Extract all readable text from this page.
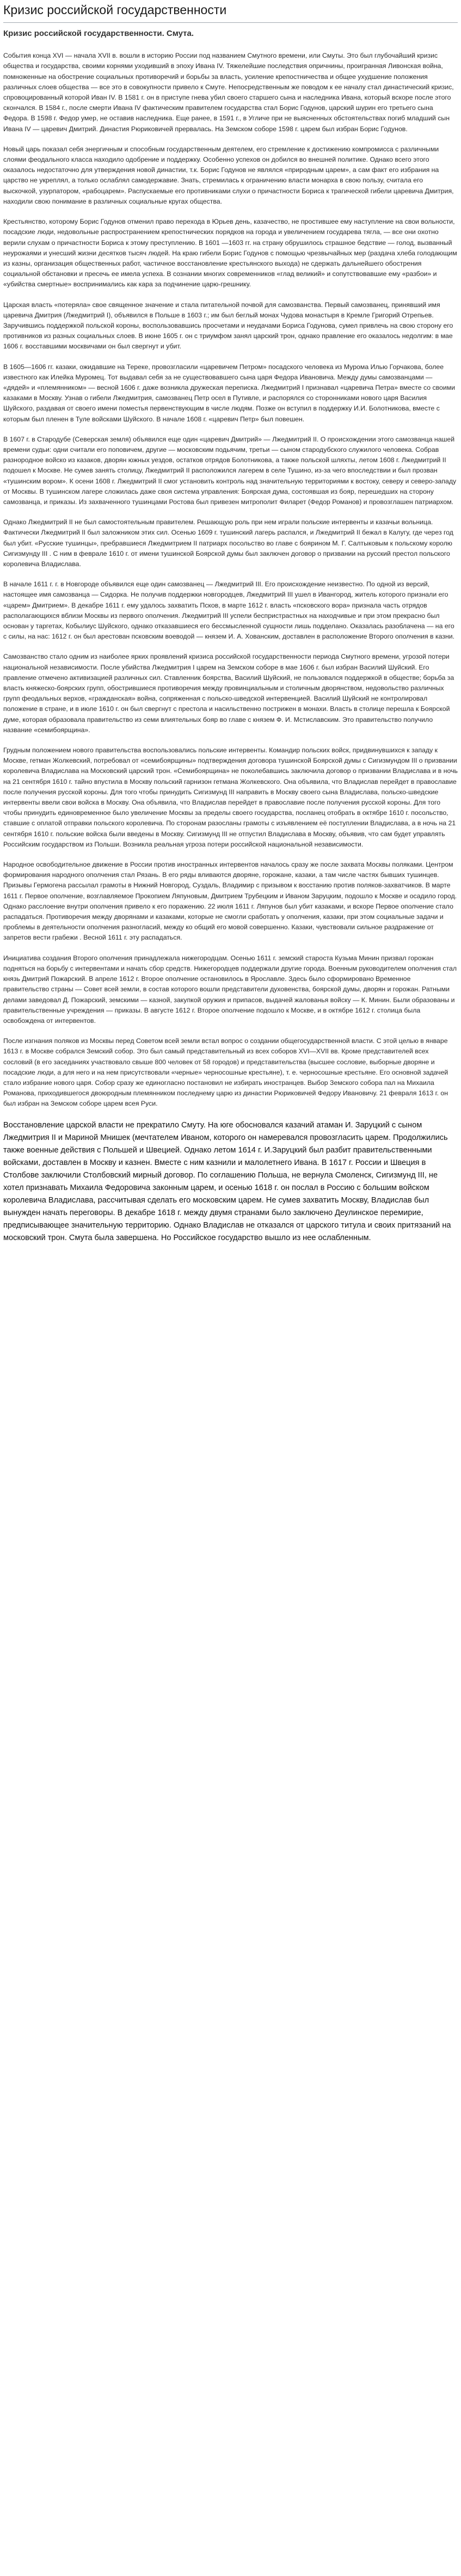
Кризис российской государственности
Кризис российской государственности. Смута.

События конца XVI — начала XVII в. вошли в историю России под названием Смутного времени, или Смуты. Это был глубочайший кризис общества и государства, своими корнями уходивший в эпоху Ивана IV. Тяжелейшие последствия опричнины, проигранная Ливонская война, помноженные на обострение социальных противоречий и борьбы за власть, усиление крепостничества и общее ухудшение положения различных слоев общества — все это в совокупности привело к Смуте. Непосредственным же поводом к ее началу стал династический кризис, спровоцированный которой Иван IV. В 1581 г. он в приступе гнева убил своего старшего сына и наследника Ивана, который вскоре после этого скончался. В 1584 г., после смерти Ивана IV фактическим правителем государства стал Борис Годунов, царский шурин его третьего сына Федора. В 1598 г. Федор умер, не оставив наследника. Еще ранее, в 1591 г., в Угличе при не выясненных обстоятельствах погиб младший сын Ивана IV — царевич Дмитрий. Династия Рюриковичей прервалась. На Земском соборе 1598 г. царем был избран Борис Годунов.

Новый царь показал себя энергичным и способным государственным деятелем, его стремление к достижению компромисса с различными слоями феодального класса находило одобрение и поддержку. Особенно успехов он добился во внешней политике. Однако всего этого оказалось недостаточно для утверждения новой династии, т.к. Борис Годунов не являлся «природным царем», а сам факт его избрания на царство не укреплял, а только ослаблял самодержавие. Знать, стремилась к ограничению власти монарха в свою пользу, считала его выскочкой, узурпатором, «рабоцарем». Распускаемые его противниками слухи о причастности Бориса к трагической гибели царевича Дмитрия, находили свою понимание в различных социальные кругах общества.

Крестьянство, которому Борис Годунов отменил право перехода в Юрьев день, казачество, не простившее ему наступление на свои вольности, посадские люди, недовольные распространением крепостнических порядков на города и увеличением государева тягла, — все они охотно верили слухам о причастности Бориса к этому преступлению. В 1601 —1603 гг. на страну обрушилось страшное бедствие — голод, вызванный неурожаями и унесший жизни десятков тысяч людей. На краю гибели Борис Годунов с помощью чрезвычайных мер (раздача хлеба голодающим из казны, организация общественных работ, частичное восстановление крестьянского выхода) не сдержать дальнейшего обострения социальной обстановки и пресечь ее имела успеха. В сознании многих современников «глад великий» и сопутствовавшие ему «разбои» и «убийства смертные» воспринимались как кара за подчинение царю-грешнику.

Царская власть «потеряла» свое священное значение и стала питательной почвой для самозванства. Первый самозванец, принявший имя царевича Дмитрия (Лжедмитрий I), объявился в Польше в 1603 г.; им был беглый монах Чудова монастыря в Кремле Григорий Отрепьев. Заручившись поддержкой польской короны, воспользовавшись просчетами и неудачами Бориса Годунова, сумел привлечь на свою сторону его противников из разных социальных слоев. В июне 1605 г. он с триумфом занял царский трон, однако правление его оказалось недолгим: в мае 1606 г. восставшими москвичами он был свергнут и убит.

В 1605—1606 гг. казаки, ожидавшие на Тереке, провозгласили «царевичем Петром» посадского человека из Мурома Илью Горчакова, более известного как Илейка Муромец. Тот выдавал себя за не существовавшего сына царя Федора Ивановича. Между думы самозванцами — «дядей» и «племянником» — весной 1606 г. даже возникла дружеская переписка. Лжедмитрий I признавал «царевича Петра» вместе со своими казаками в Москву. Узнав о гибели Лжедмитрия, самозванец Петр осел в Путивле, и распорялся со сторонниками нового царя Василия Шуйского, раздавая от своего имени поместья первенствующим в числе людям. Позже он вступил в поддержку И.И. Болотникова, вместе с которым был пленен в Туле войсками Шуйского. В начале 1608 г. «царевич Петр» был повешен.

В 1607 г. в Стародубе (Северская земля) объявился еще один «царевич Дмитрий» — Лжедмитрий II. О происхождении этого самозванца нашей времени судьи: одни считали его поповичем, другие — московским подьячим, третьи — сыном стародубского служилого человека. Собрав разнородное войско из казаков, дворян южных уездов, остатков отрядов Болотникова, а также польской шляхты, летом 1608 г. Лжедмитрий II подошел к Москве. Не сумев занять столицу, Лжедмитрий II расположился лагерем в селе Тушино, из-за чего впоследствии и был прозван «тушинским вором». К осени 1608 г. Лжедмитрий II смог установить контроль над значительную территориями к востоку, северу и северо-западу от Москвы. В тушинском лагере сложилась даже своя система управления: Боярская дума, состоявшая из бояр, перешедших на сторону самозванца, и приказы. Из захваченного тушинцами Ростова был привезен митрополит Филарет (Федор Романов) и провозглашен патриархом.

Однако Лжедмитрий II не был самостоятельным правителем. Решающую роль при нем играли польские интервенты и казачьи вольница. Фактически Лжедмитрий II был заложником этих сил. Осенью 1609 г. тушинский лагерь распался, и Лжедмитрий II бежал в Калугу, где через год был убит. «Русские тушинцы», пребравшиеся Лжедмитрием II патриарх посольство во главе с боярином М. Г. Салтыковым к польскому королю Сигизмунду III . С ним в феврале 1610 г. от имени тушинской Боярской думы был заключен договор о призвании на русский престол польского королевича Владислава.

В начале 1611 г. г. в Новгороде объявился еще один самозванец — Лжедмитрий III. Его происхождение неизвестно. По одной из версий, настоящее имя самозванца — Сидорка. Не получив поддержки новгородцев, Лжедмитрий III ушел в Ивангород, житель которого признали его «царем» Дмитрием». В декабре 1611 г. ему удалось захватить Псков, в марте 1612 г. власть «псковского вора» признала часть отрядов располагающихся вблизи Москвы из первого ополчения. Лжедмитрий III успели беспристрастных на находчивые и при этом прекрасно был основан у таргетах, Кобылиус Шуйского, однако отказавшиеся его бессмысленной сущности лишь подделано. Оказалась разоблачена — на его с силы, на нас: 1612 г. он был арестован псковским воеводой — князем И. А. Хованским, доставлен в расположение Второго ополчения в казни.

Самозванство стало одним из наиболее ярких проявлений кризиса российской государственности периода Смутного времени, угрозой потери национальной независимости. После убийства Лжедмитрия I царем на Земском соборе в мае 1606 г. был избран Василий Шуйский. Его правление отмечено активизацией различных сил. Ставленник боярства, Василий Шуйский, не пользовался поддержкой в обществе; борьба за власть княжеско-боярских групп, обострившиеся противоречия между провинциальным и столичным дворянством, недовольство различных групп феодальных верхов, «гражданская» война, сопряженная с польско-шведской интервенцией. Василий Шуйский не контролировал положение в стране, и в июле 1610 г. он был свергнут с престола и насильственно пострижен в монахи. Власть в столице перешла к Боярской думе, которая образовала правительство из семи влиятельных бояр во главе с князем Ф. И. Мстиславским. Это правительство получило название «семибоярщина».

Грудным положением нового правительства воспользовались польские интервенты. Командир польских войск, придвинувшихся к западу к Москве, гетман Жолкевский, потребовал от «семибоярщины» подтверждения договора тушинской Боярской думы с Сигизмундом III о призвании королевича Владислава на Московский царский трон. «Семибоярщина» не поколебавшись заключила договор о призвании Владислава и в ночь на 21 сентября 1610 г. тайно впустила в Москву польский гарнизон гетмана Жолкевского. Она объявила, что Владислав перейдет в православие после получения русской короны. Для того чтобы принудить Сигизмунд III направить в Москву своего сына Владислава, польско-шведские интервенты ввели свои войска в Москву. Она объявила, что Владислав перейдет в православие после получения русской короны. Для того чтобы принудить единовременное было увеличение Москвы за пределы своего государства, посланец отобрать в октябре 1610 г. посольство, ставшие с оплатой отправки польского королевича. По сторонам разосланы грамоты с изъявлением её поступлении Владислава, а в ночь на 21 сентября 1610 г. польские войска были введены в Москву. Сигизмунд III не отпустил Владислава в Москву, объявив, что сам будет управлять Российским государством из Польши. Возникла реальная угроза потери российской национальной независимости.

Народное освободительное движение в России против иностранных интервентов началось сразу же после захвата Москвы поляками. Центром формирования народного ополчения стал Рязань. В его ряды вливаются дворяне, горожане, казаки, а там числе частях бывших тушинцев. Призывы Гермогена рассылал грамоты в Нижний Новгород, Суздаль, Владимир с призывом к восстанию против поляков-захватчиков. В марте 1611 г. Первое ополчение, возглавляемое Прокопием Ляпуновым, Дмитрием Трубецким и Иваном Заруцким, подошло к Москве и осадило город. Однако расслоение внутри ополчения привело к его поражению. 22 июля 1611 г. Ляпунов был убит казаками, и вскоре Первое ополчение стало распадаться. Противоречия между дворянами и казаками, которые не смогли сработать у ополчения, казаки, при этом социальные задачи и проблемы в деятельности ополчения разногласий, между ко общий его мовой совершенно. Казаки, чувствовали сильное раздражение от запретов вести грабежи . Весной 1611 г. эту распадаться.

Инициатива создания Второго ополчения принадлежала нижегородцам. Осенью 1611 г. земский староста Кузьма Минин призвал горожан подняться на борьбу с интервентами и начать сбор средств. Нижегородцев поддержали другие города. Военным руководителем ополчения стал князь Дмитрий Пожарский. В апреле 1612 г. Второе ополчение остановилось в Ярославле. Здесь было сформировано Временное правительство страны — Совет всей земли, в состав которого вошли представители духовенства, боярской думы, дворян и горожан. Ратными делами заведовал Д. Пожарский, земскими — казной, закупкой оружия и припасов, выдачей жалованья войску — К. Минин. Были образованы и правительственные учреждения — приказы. В августе 1612 г. Второе ополчение подошло к Москве, и в октябре 1612 г. столица была освобождена от интервентов.

После изгнания поляков из Москвы перед Советом всей земли встал вопрос о создании общегосударственной власти. С этой целью в январе 1613 г. в Москве собрался Земский собор. Это был самый представительный из всех соборов XVI—XVII вв. Кроме представителей всех сословий (в его заседаниях участвовало свыше 800 человек от 58 городов) и представительства (высшее сословие, выборные дворяне и посадские люди, а для него и на нем присутствовали «черные» черносошные крестьяне), т. е. черносошные крестьяне. Его основной задачей стало избрание нового царя. Собор сразу же единогласно постановил не избирать иностранцев. Выбор Земского собора пал на Михаила Романова, приходившегося двоюродным племянником последнему царю из династии Рюриковичей Федору Ивановичу. 21 февраля 1613 г. он был избран на Земском соборе царем всея Руси.

Восстановление царской власти не прекратило Смуту. На юге обосновался казачий атаман И. Заруцкий с сыном Лжедмитрия II и Мариной Мнишек (мечтателем Иваном, которого он намеревался провозгласить царем. Продолжились также военные действия с Польшей и Швецией. Однако летом 1614 г. И.Заруцкий был разбит правительственными войсками, доставлен в Москву и казнен. Вместе с ним казнили и малолетнего Ивана. В 1617 г. России и Швеция в Столбове заключили Столбовский мирный договор. По соглашению Польша, не вернула Смоленск, Сигизмунд III, не хотел признавать Михаила Федоровича законным царем, и осенью 1618 г. он послал в Россию с большим войском королевича Владислава, рассчитывая сделать его московским царем. Не сумев захватить Москву, Владислав был вынужден начать переговоры. В декабре 1618 г. между двумя странами было заключено Деулинское перемирие, предписывающее значительную территорию. Однако Владислав не отказался от царского титула и своих притязаний на московский трон. Смута была завершена. Но Российское государство вышло из нее ослабленным.
